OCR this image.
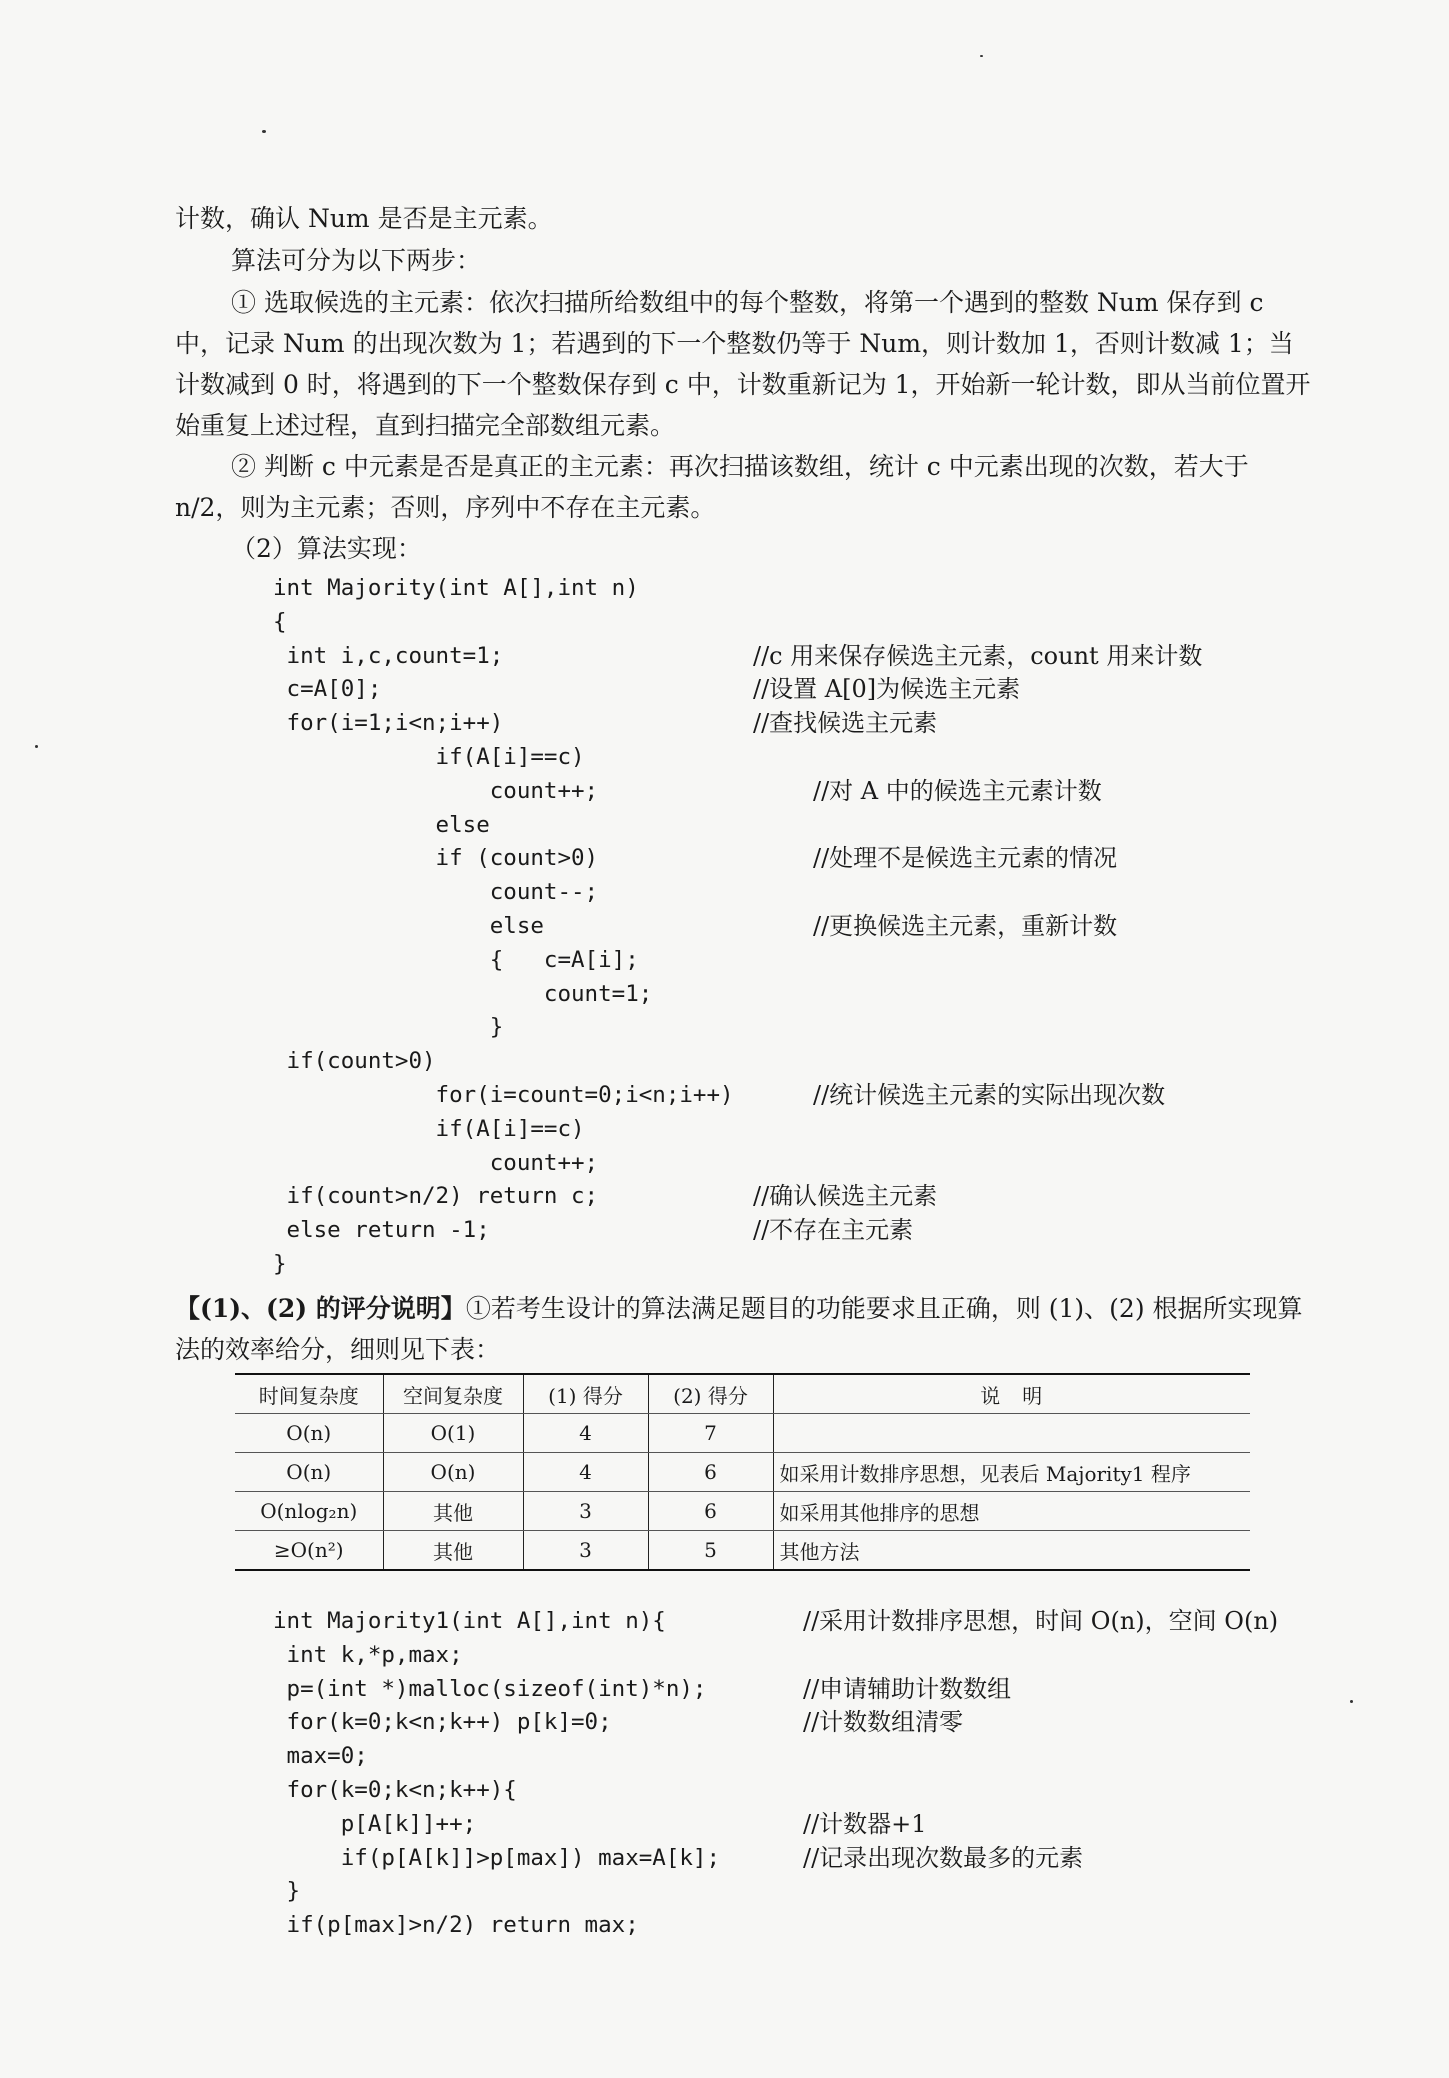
计数，确认 Num 是否是主元素。

算法可分为以下两步：

① 选取候选的主元素：依次扫描所给数组中的每个整数，将第一个遇到的整数 Num 保存到 c 中，记录 Num 的出现次数为 1；若遇到的下一个整数仍等于 Num，则计数加 1，否则计数减 1；当计数减到 0 时，将遇到的下一个整数保存到 c 中，计数重新记为 1，开始新一轮计数，即从当前位置开始重复上述过程，直到扫描完全部数组元素。

② 判断 c 中元素是否是真正的主元素：再次扫描该数组，统计 c 中元素出现的次数，若大于 n/2，则为主元素；否则，序列中不存在主元素。

（2）算法实现：

int Majority(int A[],int n)
{
int i,c,count=1;	//c 用来保存候选主元素，count 用来计数
c=A[0];	//设置 A[0]为候选主元素
for(i=1;i<n;i++)	//查找候选主元素
if(A[i]==c)
count++;	//对 A 中的候选主元素计数
else
if (count>0)	//处理不是候选主元素的情况
count--;
else	//更换候选主元素，重新计数
{   c=A[i];
count=1;
}
if(count>0)
for(i=count=0;i<n;i++)	//统计候选主元素的实际出现次数
if(A[i]==c)
count++;
if(count>n/2) return c;	//确认候选主元素
else return -1;	//不存在主元素
}

【(1)、(2) 的评分说明】①若考生设计的算法满足题目的功能要求且正确，则 (1)、(2) 根据所实现算法的效率给分，细则见下表：

时间复杂度	空间复杂度	(1) 得分	(2) 得分	说　明
O(n)	O(1)	4	7	
O(n)	O(n)	4	6	如采用计数排序思想，见表后 Majority1 程序
O(nlog₂n)	其他	3	6	如采用其他排序的思想
≥O(n²)	其他	3	5	其他方法
int Majority1(int A[],int n){	//采用计数排序思想，时间 O(n)，空间 O(n)
int k,*p,max;
p=(int *)malloc(sizeof(int)*n);	//申请辅助计数数组
for(k=0;k<n;k++) p[k]=0;	//计数数组清零
max=0;
for(k=0;k<n;k++){
p[A[k]]++;	//计数器+1
if(p[A[k]]>p[max]) max=A[k];	//记录出现次数最多的元素
}
if(p[max]>n/2) return max;
